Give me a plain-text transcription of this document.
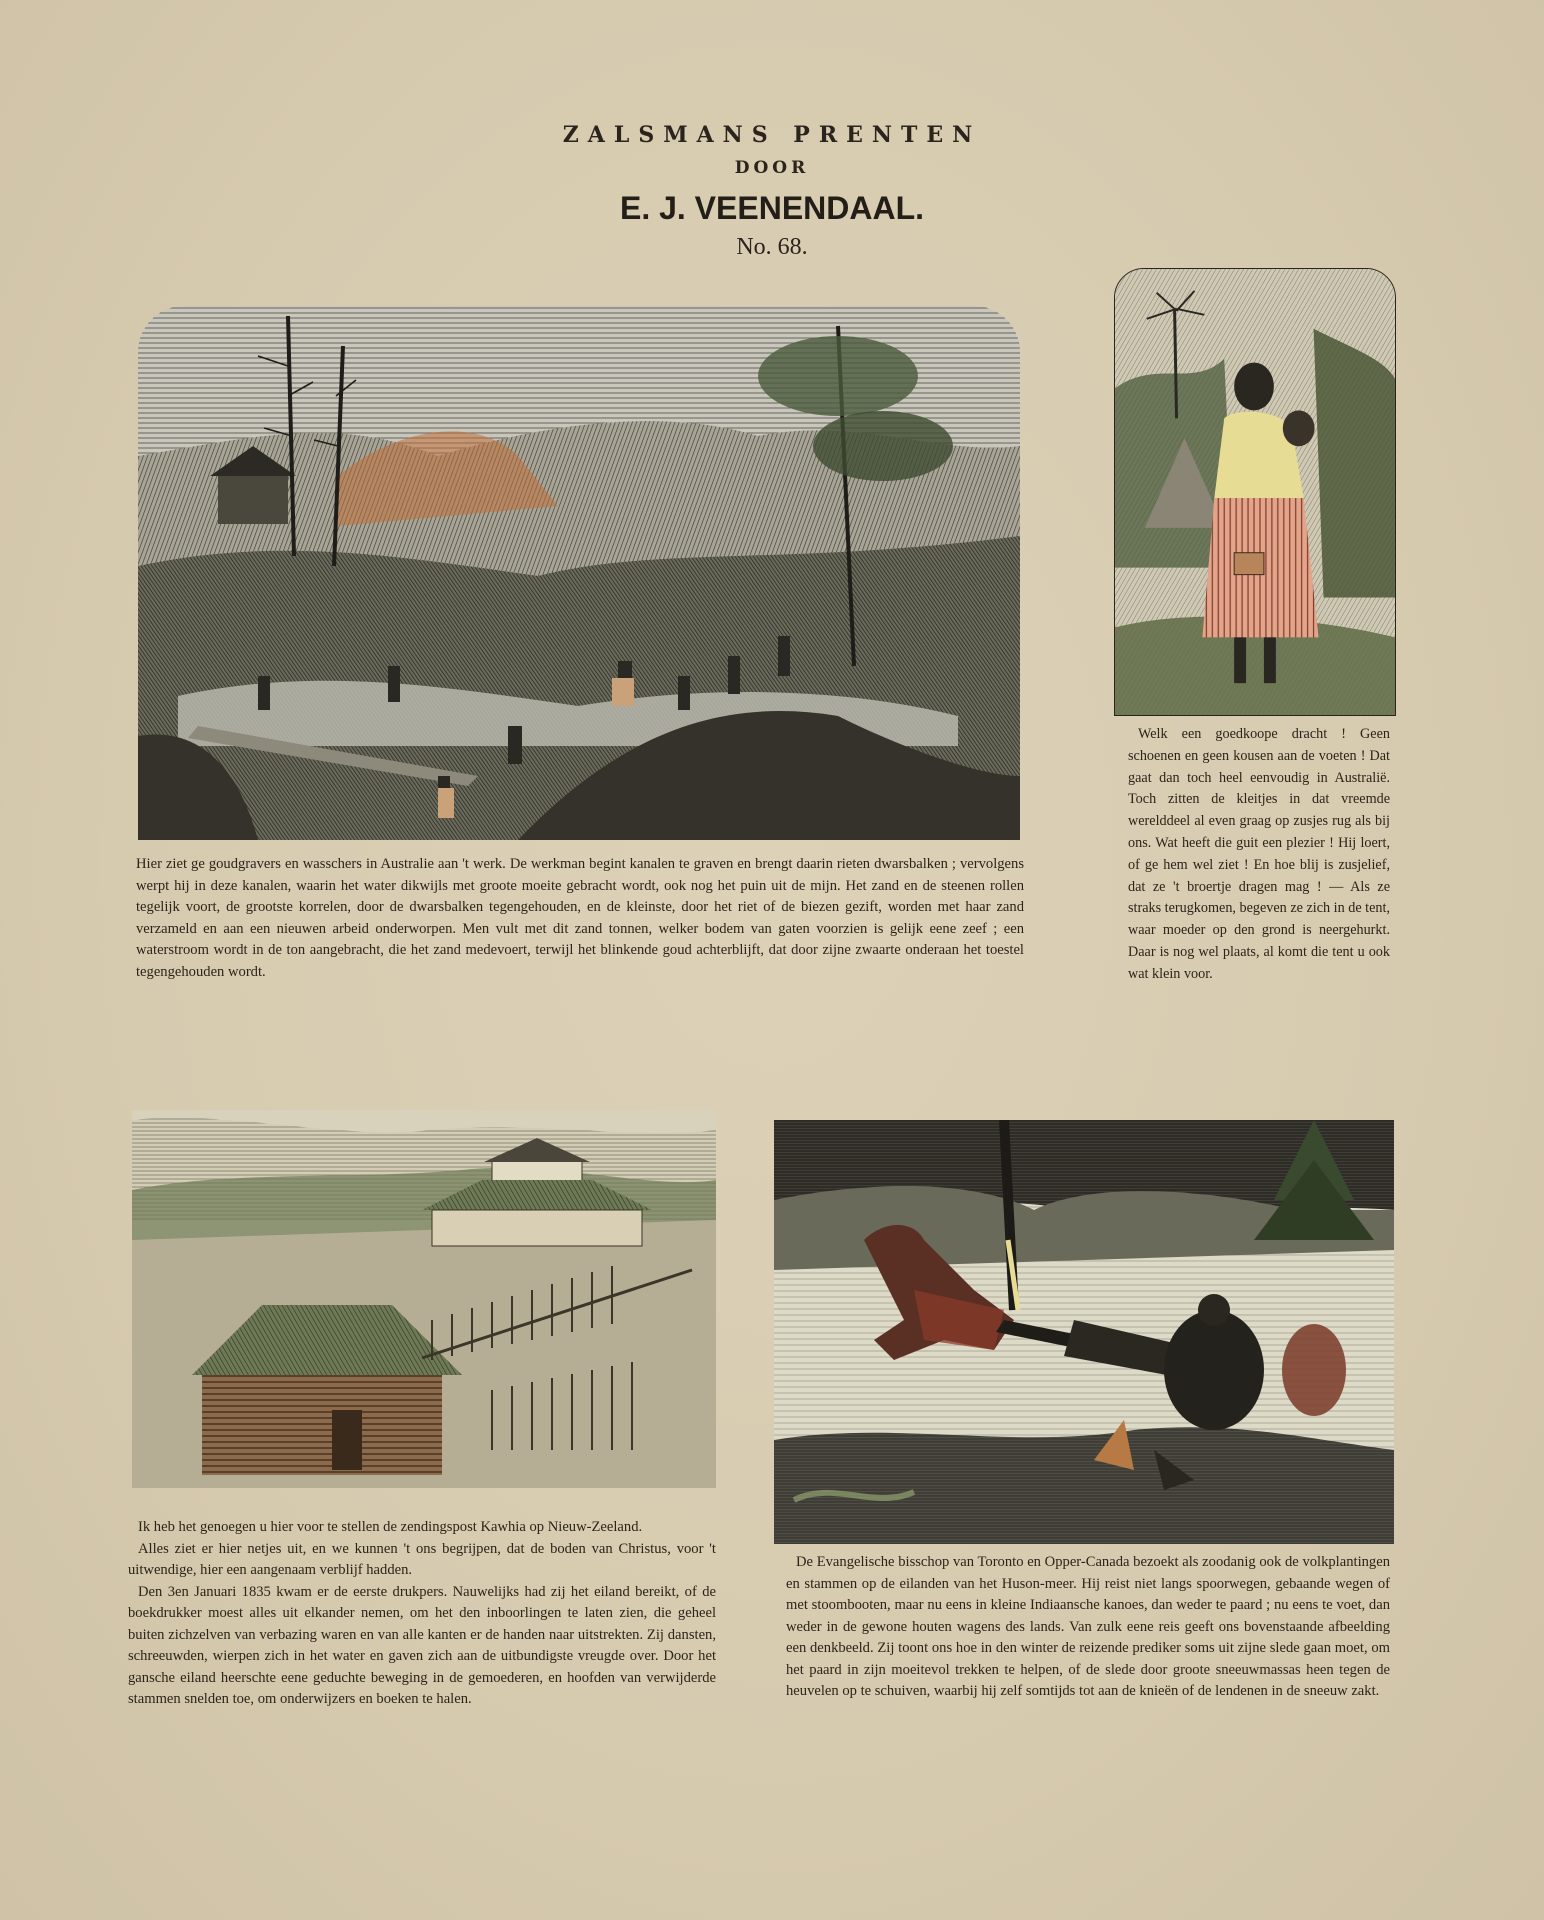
ZALSMANS PRENTEN
DOOR
E. J. VEENENDAAL.
No. 68.

Hier ziet ge goudgravers en wasschers in Australie aan 't werk. De werkman begint kanalen te graven en brengt daarin rieten dwarsbalken ; vervolgens werpt hij in deze kanalen, waarin het water dikwijls met groote moeite gebracht wordt, ook nog het puin uit de mijn. Het zand en de steenen rollen tegelijk voort, de grootste korrelen, door de dwarsbalken tegengehouden, en de kleinste, door het riet of de biezen gezift, worden met haar zand verzameld en aan een nieuwen arbeid onderworpen. Men vult met dit zand tonnen, welker bodem van gaten voorzien is gelijk eene zeef ; een waterstroom wordt in de ton aangebracht, die het zand medevoert, terwijl het blinkende goud achterblijft, dat door zijne zwaarte onderaan het toestel tegengehouden wordt.

Welk een goedkoope dracht ! Geen schoenen en geen kousen aan de voeten ! Dat gaat dan toch heel eenvoudig in Australië. Toch zitten de kleitjes in dat vreemde werelddeel al even graag op zusjes rug als bij ons. Wat heeft die guit een plezier ! Hij loert, of ge hem wel ziet ! En hoe blij is zusjelief, dat ze 't broertje dragen mag ! — Als ze straks terugkomen, begeven ze zich in de tent, waar moeder op den grond is neergehurkt. Daar is nog wel plaats, al komt die tent u ook wat klein voor.

Ik heb het genoegen u hier voor te stellen de zendingspost Kawhia op Nieuw-Zeeland.

Alles ziet er hier netjes uit, en we kunnen 't ons begrijpen, dat de boden van Christus, voor 't uitwendige, hier een aangenaam verblijf hadden.

Den 3en Januari 1835 kwam er de eerste drukpers. Nauwelijks had zij het eiland bereikt, of de boekdrukker moest alles uit elkander nemen, om het den inboorlingen te laten zien, die geheel buiten zichzelven van verbazing waren en van alle kanten er de handen naar uitstrekten. Zij dansten, schreeuwden, wierpen zich in het water en gaven zich aan de uitbundigste vreugde over. Door het gansche eiland heerschte eene geduchte beweging in de gemoederen, en hoofden van verwijderde stammen snelden toe, om onderwijzers en boeken te halen.

De Evangelische bisschop van Toronto en Opper-Canada bezoekt als zoodanig ook de volkplantingen en stammen op de eilanden van het Huson-meer. Hij reist niet langs spoorwegen, gebaande wegen of met stoombooten, maar nu eens in kleine Indiaansche kanoes, dan weder te paard ; nu eens te voet, dan weder in de gewone houten wagens des lands. Van zulk eene reis geeft ons bovenstaande afbeelding een denkbeeld. Zij toont ons hoe in den winter de reizende prediker soms uit zijne slede gaan moet, om het paard in zijn moeitevol trekken te helpen, of de slede door groote sneeuwmassas heen tegen de heuvelen op te schuiven, waarbij hij zelf somtijds tot aan de knieën of de lendenen in de sneeuw zakt.
